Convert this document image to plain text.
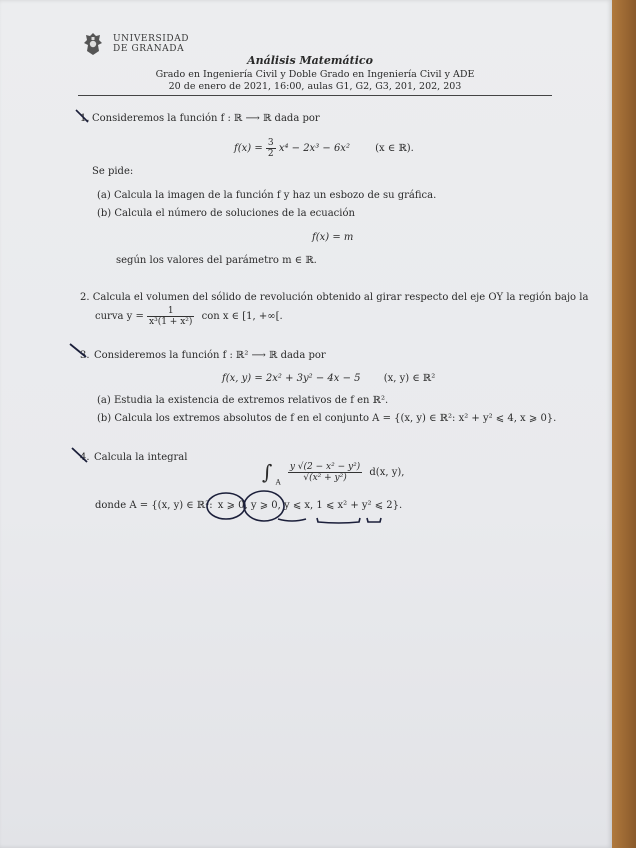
UNIVERSIDAD
DE GRANADA
Análisis Matemático
Grado en Ingeniería Civil y Doble Grado en Ingeniería Civil y ADE
20 de enero de 2021, 16:00, aulas G1, G2, G3, 201, 202, 203
1. Consideremos la función f : ℝ ⟶ ℝ dada por
$f(x) = \frac{3}{2} x^4 - 2x^3 - 6x^2$	(x ∈ ℝ).
Se pide:
(a) Calcula la imagen de la función f y haz un esbozo de su gráfica.
(b) Calcula el número de soluciones de la ecuación
f(x) = m
según los valores del parámetro m ∈ ℝ.
2. Calcula el volumen del sólido de revolución obtenido al girar respecto del eje OY la región bajo la
curva $y = \frac{1}{\text{x³(1 + x²)}}$ con x ∈ [1, +∞[.
3. Consideremos la función f : ℝ² ⟶ ℝ dada por
f(x, y) = 2x² + 3y² − 4x − 5 (x, y) ∈ ℝ²
(a) Estudia la existencia de extremos relativos de f en ℝ².
(b) Calcula los extremos absolutos de f en el conjunto A = {(x, y) ∈ ℝ²: x² + y² ⩽ 4, x ⩾ 0}.
4. Calcula la integral
∫ $_A \frac{\text{y √(2 − x² − y²)}}{\text{√(x² + y²)}} d(x$, y),
donde A = {(x, y) ∈ ℝ²: x ⩾ 0, y ⩾ 0, y ⩽ x, 1 ⩽ x² + y² ⩽ 2}.
